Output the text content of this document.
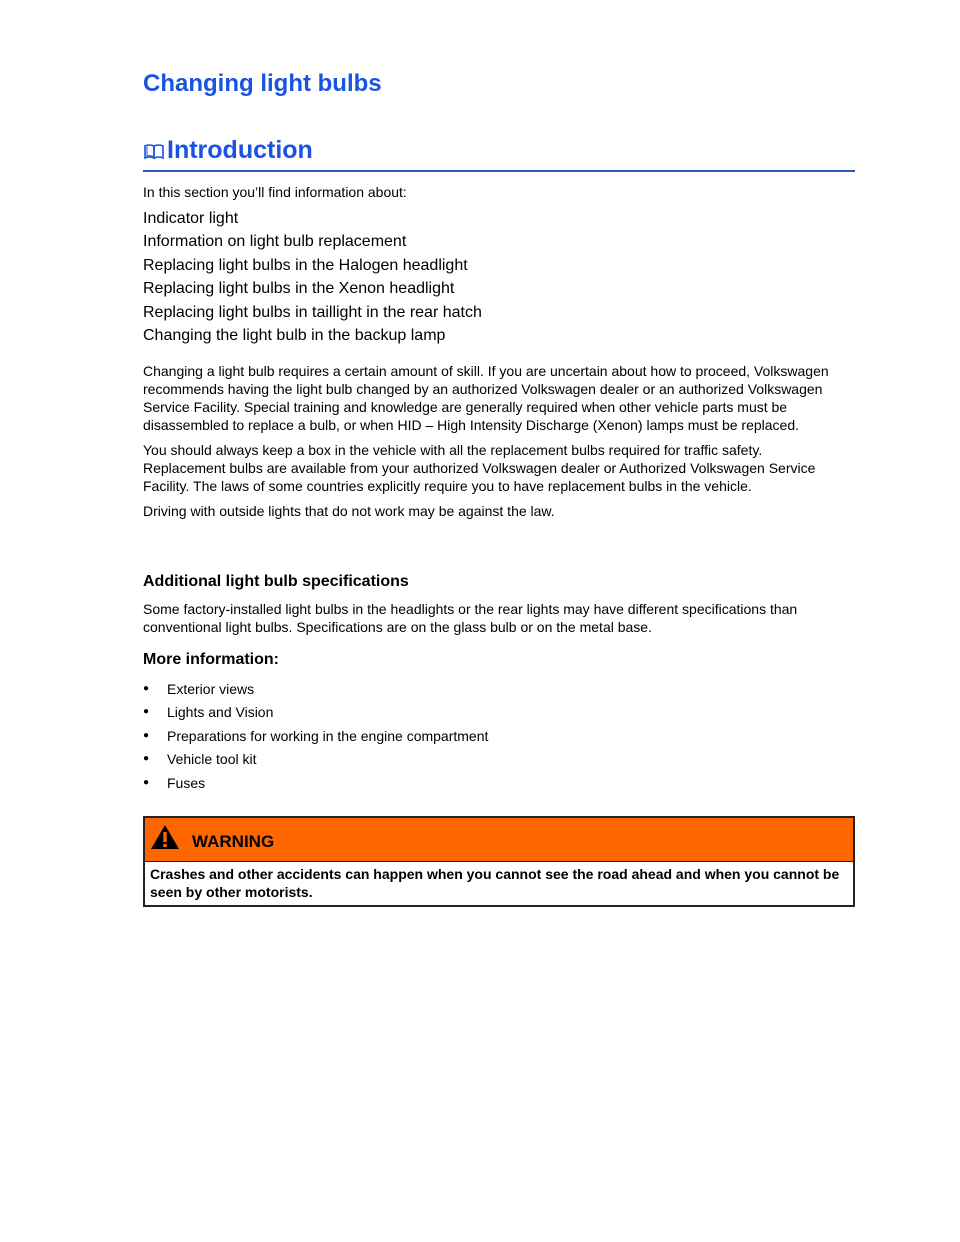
Changing light bulbs
Introduction

In this section you’ll find information about:

Indicator light
Information on light bulb replacement
Replacing light bulbs in the Halogen headlight
Replacing light bulbs in the Xenon headlight
Replacing light bulbs in taillight in the rear hatch
Changing the light bulb in the backup lamp

Changing a light bulb requires a certain amount of skill. If you are uncertain about how to proceed, Volkswagen recommends having the light bulb changed by an authorized Volkswagen dealer or an authorized Volkswagen Service Facility. Special training and knowledge are generally required when other vehicle parts must be disassembled to replace a bulb, or when HID – High Intensity Discharge (Xenon) lamps must be replaced.

You should always keep a box in the vehicle with all the replacement bulbs required for traffic safety. Replacement bulbs are available from your authorized Volkswagen dealer or Authorized Volkswagen Service Facility. The laws of some countries explicitly require you to have replacement bulbs in the vehicle.

Driving with outside lights that do not work may be against the law.

Additional light bulb specifications

Some factory-installed light bulbs in the headlights or the rear lights may have different specifications than conventional light bulbs. Specifications are on the glass bulb or on the metal base.

More information:
●	Exterior views
●	Lights and Vision
●	Preparations for working in the engine compartment
●	Vehicle tool kit
●	Fuses
WARNING
Crashes and other accidents can happen when you cannot see the road ahead and when you cannot be seen by other motorists.
